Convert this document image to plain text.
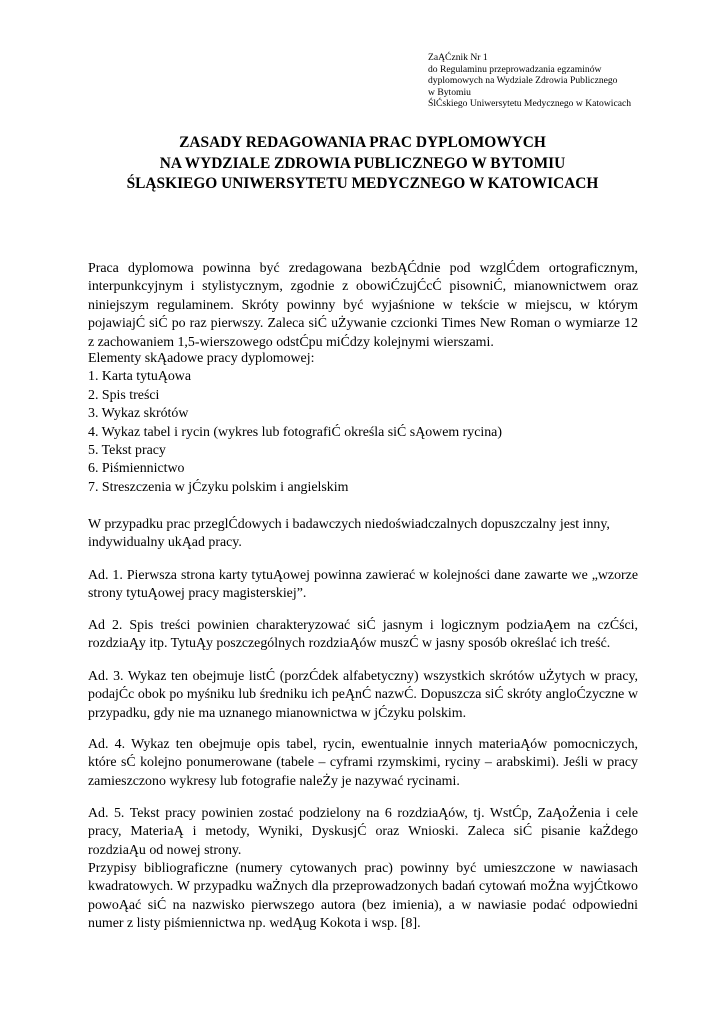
ZaĄĆznik Nr 1
do Regulaminu przeprowadzania egzaminów
dyplomowych na Wydziale Zdrowia Publicznego
w Bytomiu
ŚlĆskiego Uniwersytetu Medycznego w Katowicach
ZASADY REDAGOWANIA PRAC DYPLOMOWYCH
NA WYDZIALE ZDROWIA PUBLICZNEGO W BYTOMIU
ŚLĄSKIEGO UNIWERSYTETU MEDYCZNEGO W KATOWICACH

Praca dyplomowa powinna być zredagowana bezbĄĆdnie pod wzglĆdem ortograficznym, interpunkcyjnym i stylistycznym, zgodnie z obowiĆzujĆcĆ pisowniĆ, mianownictwem oraz niniejszym regulaminem. Skróty powinny być wyjaśnione w tekście w miejscu, w którym pojawiajĆ siĆ po raz pierwszy. Zaleca siĆ uŻywanie czcionki Times New Roman o wymiarze 12 z zachowaniem 1,5-wierszowego odstĆpu miĆdzy kolejnymi wierszami.

Elementy skĄadowe pracy dyplomowej:
1. Karta tytuĄowa
2. Spis treści
3. Wykaz skrótów
4. Wykaz tabel i rycin (wykres lub fotografiĆ określa siĆ sĄowem rycina)
5. Tekst pracy
6. Piśmiennictwo
7. Streszczenia w jĆzyku polskim i angielskim

W przypadku prac przeglĆdowych i badawczych niedoświadczalnych dopuszczalny jest inny, indywidualny ukĄad pracy.

Ad. 1. Pierwsza strona karty tytuĄowej powinna zawierać w kolejności dane zawarte we „wzorze strony tytuĄowej pracy magisterskiej”.

Ad 2. Spis treści powinien charakteryzować siĆ jasnym i logicznym podziaĄem na czĆści, rozdziaĄy itp. TytuĄy poszczególnych rozdziaĄów muszĆ w jasny sposób określać ich treść.

Ad. 3. Wykaz ten obejmuje listĆ (porzĆdek alfabetyczny) wszystkich skrótów uŻytych w pracy, podajĆc obok po myśniku lub średniku ich peĄnĆ nazwĆ. Dopuszcza siĆ skróty angloĆzyczne w przypadku, gdy nie ma uznanego mianownictwa w jĆzyku polskim.

Ad. 4. Wykaz ten obejmuje opis tabel, rycin, ewentualnie innych materiaĄów pomocniczych, które sĆ kolejno ponumerowane (tabele – cyframi rzymskimi, ryciny – arabskimi). Jeśli w pracy zamieszczono wykresy lub fotografie naleŻy je nazywać rycinami.

Ad. 5. Tekst pracy powinien zostać podzielony na 6 rozdziaĄów, tj. WstĆp, ZaĄoŻenia i cele pracy, MateriaĄ i metody, Wyniki, DyskusjĆ oraz Wnioski. Zaleca siĆ pisanie kaŻdego rozdziaĄu od nowej strony.

Przypisy bibliograficzne (numery cytowanych prac) powinny być umieszczone w nawiasach kwadratowych. W przypadku waŻnych dla przeprowadzonych badań cytowań moŻna wyjĆtkowo powoĄać siĆ na nazwisko pierwszego autora (bez imienia), a w nawiasie podać odpowiedni numer z listy piśmiennictwa np. wedĄug Kokota i wsp. [8].
